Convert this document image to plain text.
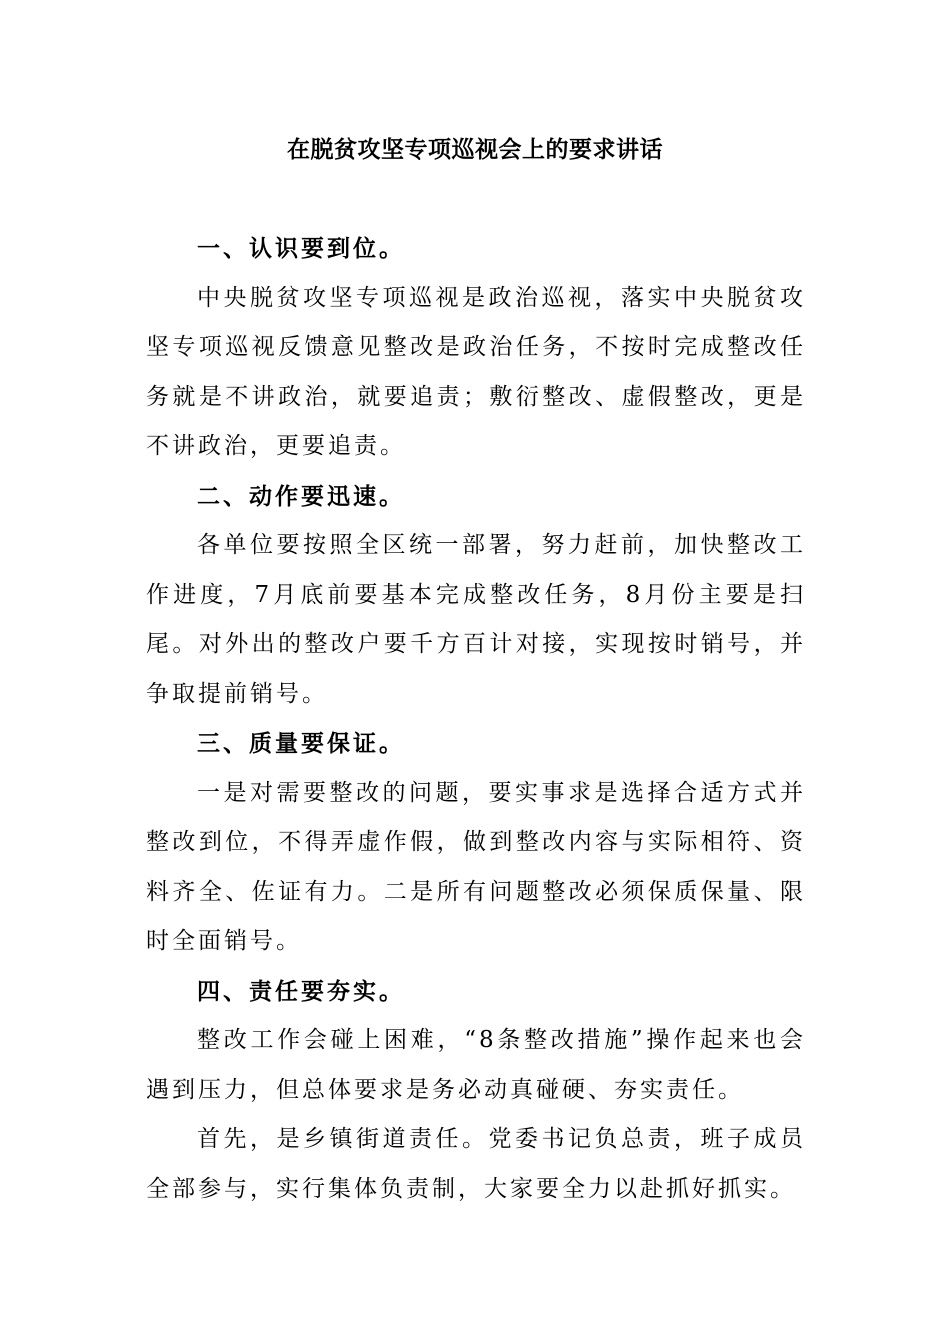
在脱贫攻坚专项巡视会上的要求讲话

一、认识要到位。

中央脱贫攻坚专项巡视是政治巡视，落实中央脱贫攻坚专项巡视反馈意见整改是政治任务，不按时完成整改任务就是不讲政治，就要追责；敷衍整改、虚假整改，更是不讲政治，更要追责。

二、动作要迅速。

各单位要按照全区统一部署，努力赶前，加快整改工作进度，7月底前要基本完成整改任务，8月份主要是扫尾。对外出的整改户要千方百计对接，实现按时销号，并争取提前销号。

三、质量要保证。

一是对需要整改的问题，要实事求是选择合适方式并整改到位，不得弄虚作假，做到整改内容与实际相符、资料齐全、佐证有力。二是所有问题整改必须保质保量、限时全面销号。

四、责任要夯实。

整改工作会碰上困难，“8条整改措施”操作起来也会遇到压力，但总体要求是务必动真碰硬、夯实责任。

首先，是乡镇街道责任。党委书记负总责，班子成员全部参与，实行集体负责制，大家要全力以赴抓好抓实。
